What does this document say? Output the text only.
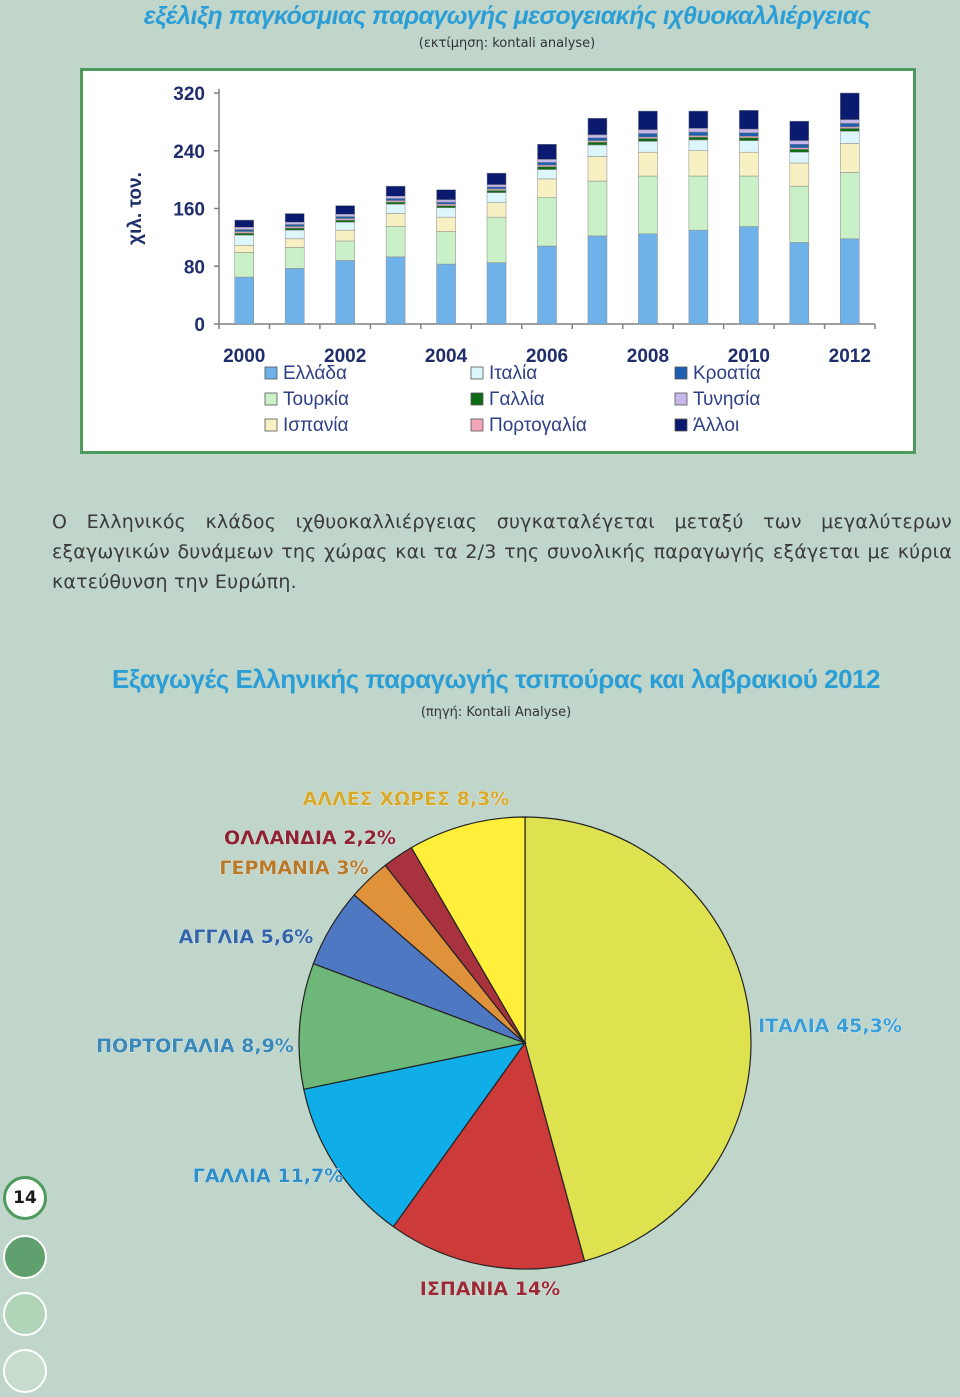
εξέλιξη παγκόσμιας παραγωγής μεσογειακής ιχθυοκαλλιέργειας
(εκτίμηση: kontali analyse)
0
80
160
240
320
χιλ. τον.
2000	2002	2004	2006	2008	2010	2012
Ελλάδα
Τουρκία
Ισπανία
Ιταλία
Γαλλία
Πορτογαλία
Κροατία
Τυνησία
Άλλοι
Ο Ελληνικός κλάδος ιχθυοκαλλιέργειας συγκαταλέγεται μεταξύ των μεγαλύτερων εξαγωγικών δυνάμεων της χώρας και τα 2/3 της συνολικής παραγωγής εξάγεται με κύρια κατεύθυνση την Ευρώπη.
Εξαγωγές Ελληνικής παραγωγής τσιπούρας και λαβρακιού 2012
(πηγή: Kontali Analyse)
ΙΤΑΛΙΑ 45,3%
ΙΣΠΑΝΙΑ 14%
ΓΑΛΛΙΑ 11,7%
ΠΟΡΤΟΓΑΛΙΑ 8,9%
ΑΓΓΛΙΑ 5,6%
ΓΕΡΜΑΝΙΑ 3%
ΟΛΛΑΝΔΙΑ 2,2%
ΑΛΛΕΣ ΧΩΡΕΣ 8,3%
14
